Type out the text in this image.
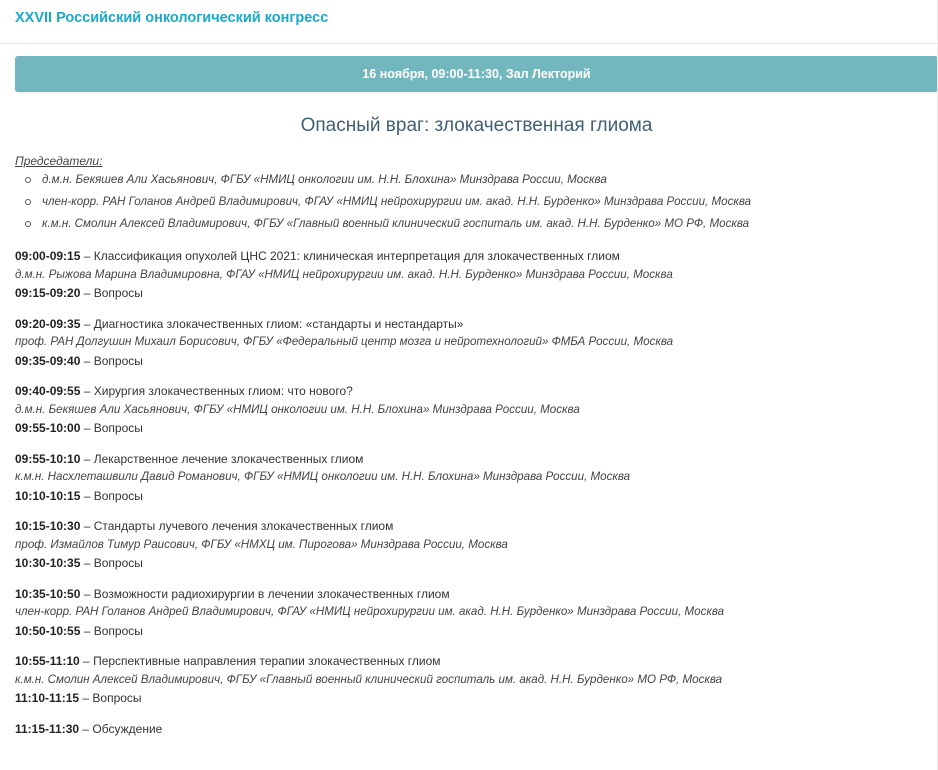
XXVII Российский онкологический конгресс
16 ноября, 09:00-11:30, Зал Лекторий
Опасный враг: злокачественная глиома
Председатели:
д.м.н. Бекяшев Али Хасьянович, ФГБУ «НМИЦ онкологии им. Н.Н. Блохина» Минздрава России, Москва
член-корр. РАН Голанов Андрей Владимирович, ФГАУ «НМИЦ нейрохирургии им. акад. Н.Н. Бурденко» Минздрава России, Москва
к.м.н. Смолин Алексей Владимирович, ФГБУ «Главный военный клинический госпиталь им. акад. Н.Н. Бурденко» МО РФ, Москва
09:00-09:15 – Классификация опухолей ЦНС 2021: клиническая интерпретация для злокачественных глиом
д.м.н. Рыжова Марина Владимировна, ФГАУ «НМИЦ нейрохирургии им. акад. Н.Н. Бурденко» Минздрава России, Москва
09:15-09:20 – Вопросы
09:20-09:35 – Диагностика злокачественных глиом: «стандарты и нестандарты»
проф. РАН Долгушин Михаил Борисович, ФГБУ «Федеральный центр мозга и нейротехнологий» ФМБА России, Москва
09:35-09:40 – Вопросы
09:40-09:55 – Хирургия злокачественных глиом: что нового?
д.м.н. Бекяшев Али Хасьянович, ФГБУ «НМИЦ онкологии им. Н.Н. Блохина» Минздрава России, Москва
09:55-10:00 – Вопросы
09:55-10:10 – Лекарственное лечение злокачественных глиом
к.м.н. Насхлеташвили Давид Романович, ФГБУ «НМИЦ онкологии им. Н.Н. Блохина» Минздрава России, Москва
10:10-10:15 – Вопросы
10:15-10:30 – Стандарты лучевого лечения злокачественных глиом
проф. Измайлов Тимур Раисович, ФГБУ «НМХЦ им. Пирогова» Минздрава России, Москва
10:30-10:35 – Вопросы
10:35-10:50 – Возможности радиохирургии в лечении злокачественных глиом
член-корр. РАН Голанов Андрей Владимирович, ФГАУ «НМИЦ нейрохирургии им. акад. Н.Н. Бурденко» Минздрава России, Москва
10:50-10:55 – Вопросы
10:55-11:10 – Перспективные направления терапии злокачественных глиом
к.м.н. Смолин Алексей Владимирович, ФГБУ «Главный военный клинический госпиталь им. акад. Н.Н. Бурденко» МО РФ, Москва
11:10-11:15 – Вопросы
11:15-11:30 – Обсуждение
